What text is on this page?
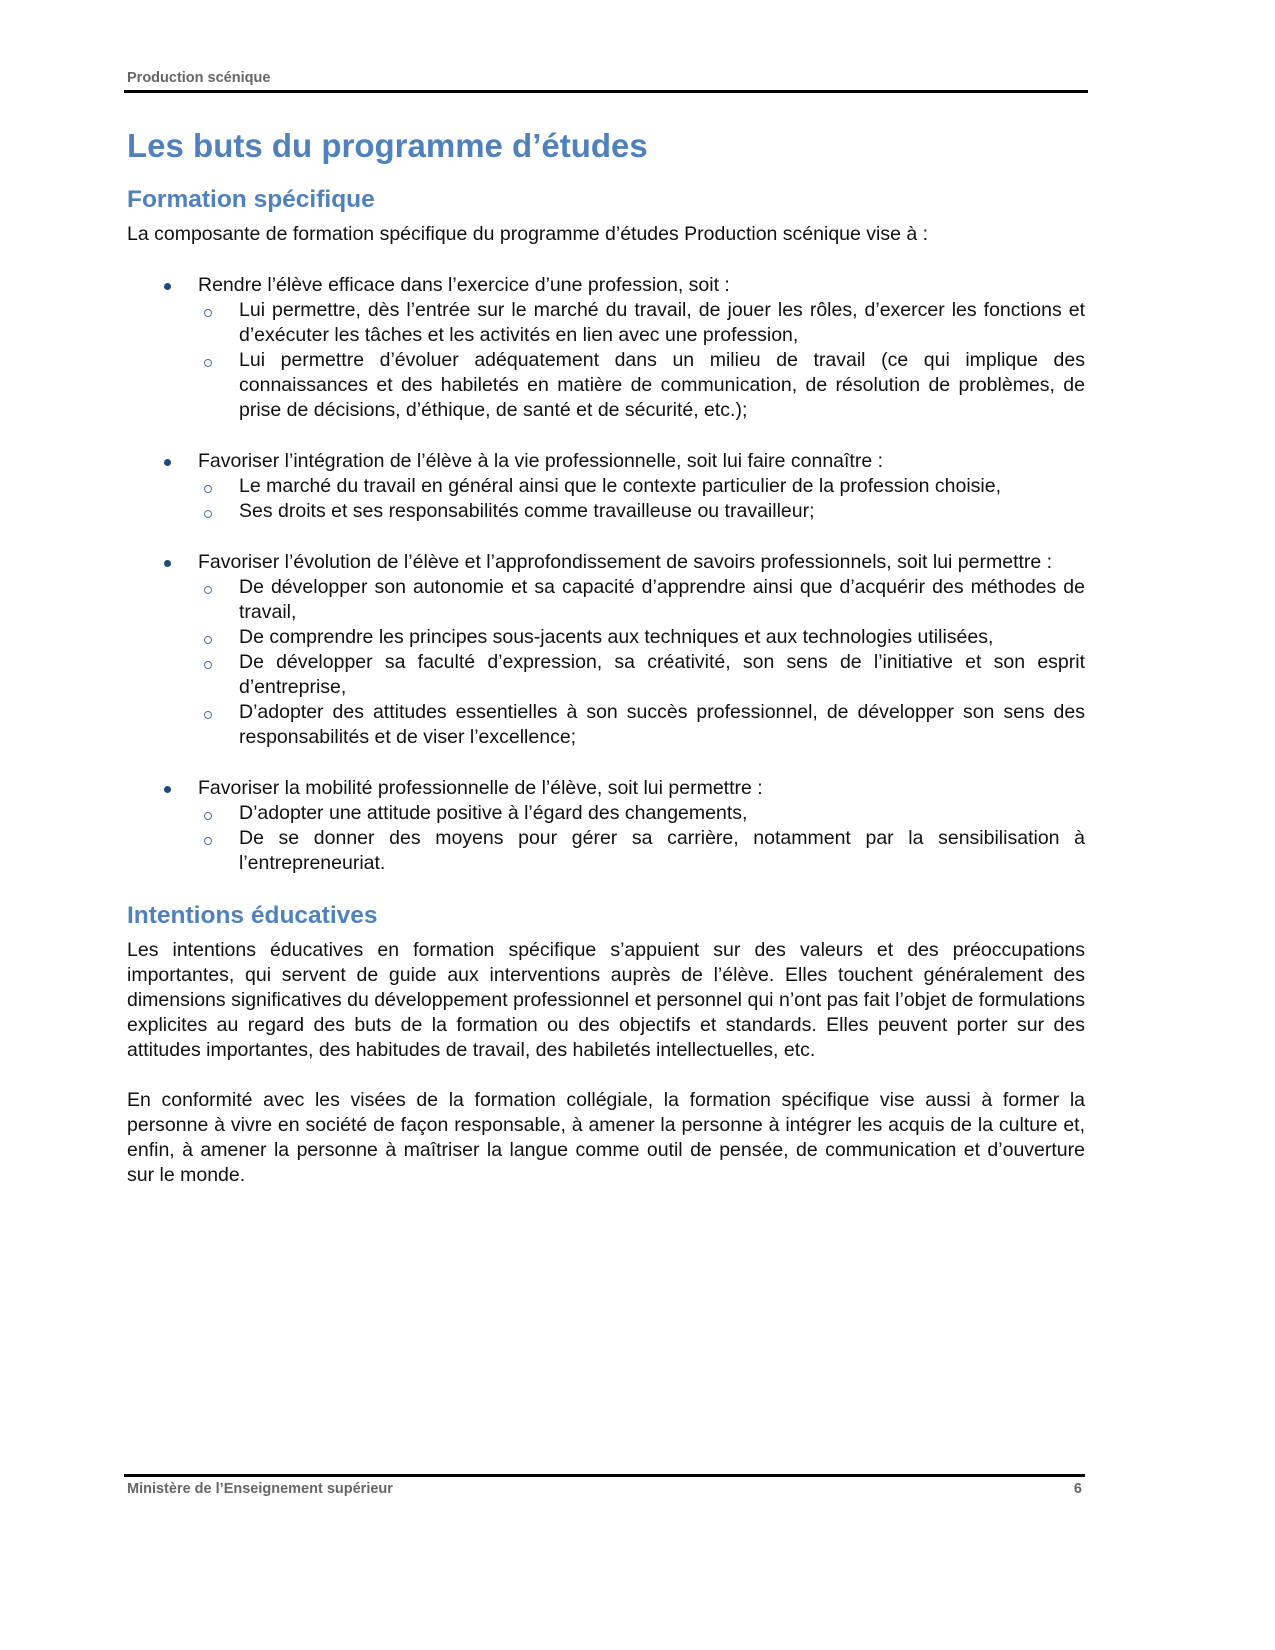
Production scénique
Les buts du programme d’études
Formation spécifique

La composante de formation spécifique du programme d’études Production scénique vise à :

Rendre l’élève efficace dans l’exercice d’une profession, soit :
Lui permettre, dès l’entrée sur le marché du travail, de jouer les rôles, d’exercer les fonctions et d’exécuter les tâches et les activités en lien avec une profession,
Lui permettre d’évoluer adéquatement dans un milieu de travail (ce qui implique des connaissances et des habiletés en matière de communication, de résolution de problèmes, de prise de décisions, d’éthique, de santé et de sécurité, etc.);
Favoriser l’intégration de l’élève à la vie professionnelle, soit lui faire connaître :
Le marché du travail en général ainsi que le contexte particulier de la profession choisie,
Ses droits et ses responsabilités comme travailleuse ou travailleur;
Favoriser l’évolution de l’élève et l’approfondissement de savoirs professionnels, soit lui permettre :
De développer son autonomie et sa capacité d’apprendre ainsi que d’acquérir des méthodes de travail,
De comprendre les principes sous-jacents aux techniques et aux technologies utilisées,
De développer sa faculté d’expression, sa créativité, son sens de l’initiative et son esprit d’entreprise,
D’adopter des attitudes essentielles à son succès professionnel, de développer son sens des responsabilités et de viser l’excellence;
Favoriser la mobilité professionnelle de l’élève, soit lui permettre :
D’adopter une attitude positive à l’égard des changements,
De se donner des moyens pour gérer sa carrière, notamment par la sensibilisation à l’entrepreneuriat.
Intentions éducatives

Les intentions éducatives en formation spécifique s’appuient sur des valeurs et des préoccupations importantes, qui servent de guide aux interventions auprès de l’élève. Elles touchent généralement des dimensions significatives du développement professionnel et personnel qui n’ont pas fait l’objet de formulations explicites au regard des buts de la formation ou des objectifs et standards. Elles peuvent porter sur des attitudes importantes, des habitudes de travail, des habiletés intellectuelles, etc.

En conformité avec les visées de la formation collégiale, la formation spécifique vise aussi à former la personne à vivre en société de façon responsable, à amener la personne à intégrer les acquis de la culture et, enfin, à amener la personne à maîtriser la langue comme outil de pensée, de communication et d’ouverture sur le monde.

Ministère de l’Enseignement supérieur	6
